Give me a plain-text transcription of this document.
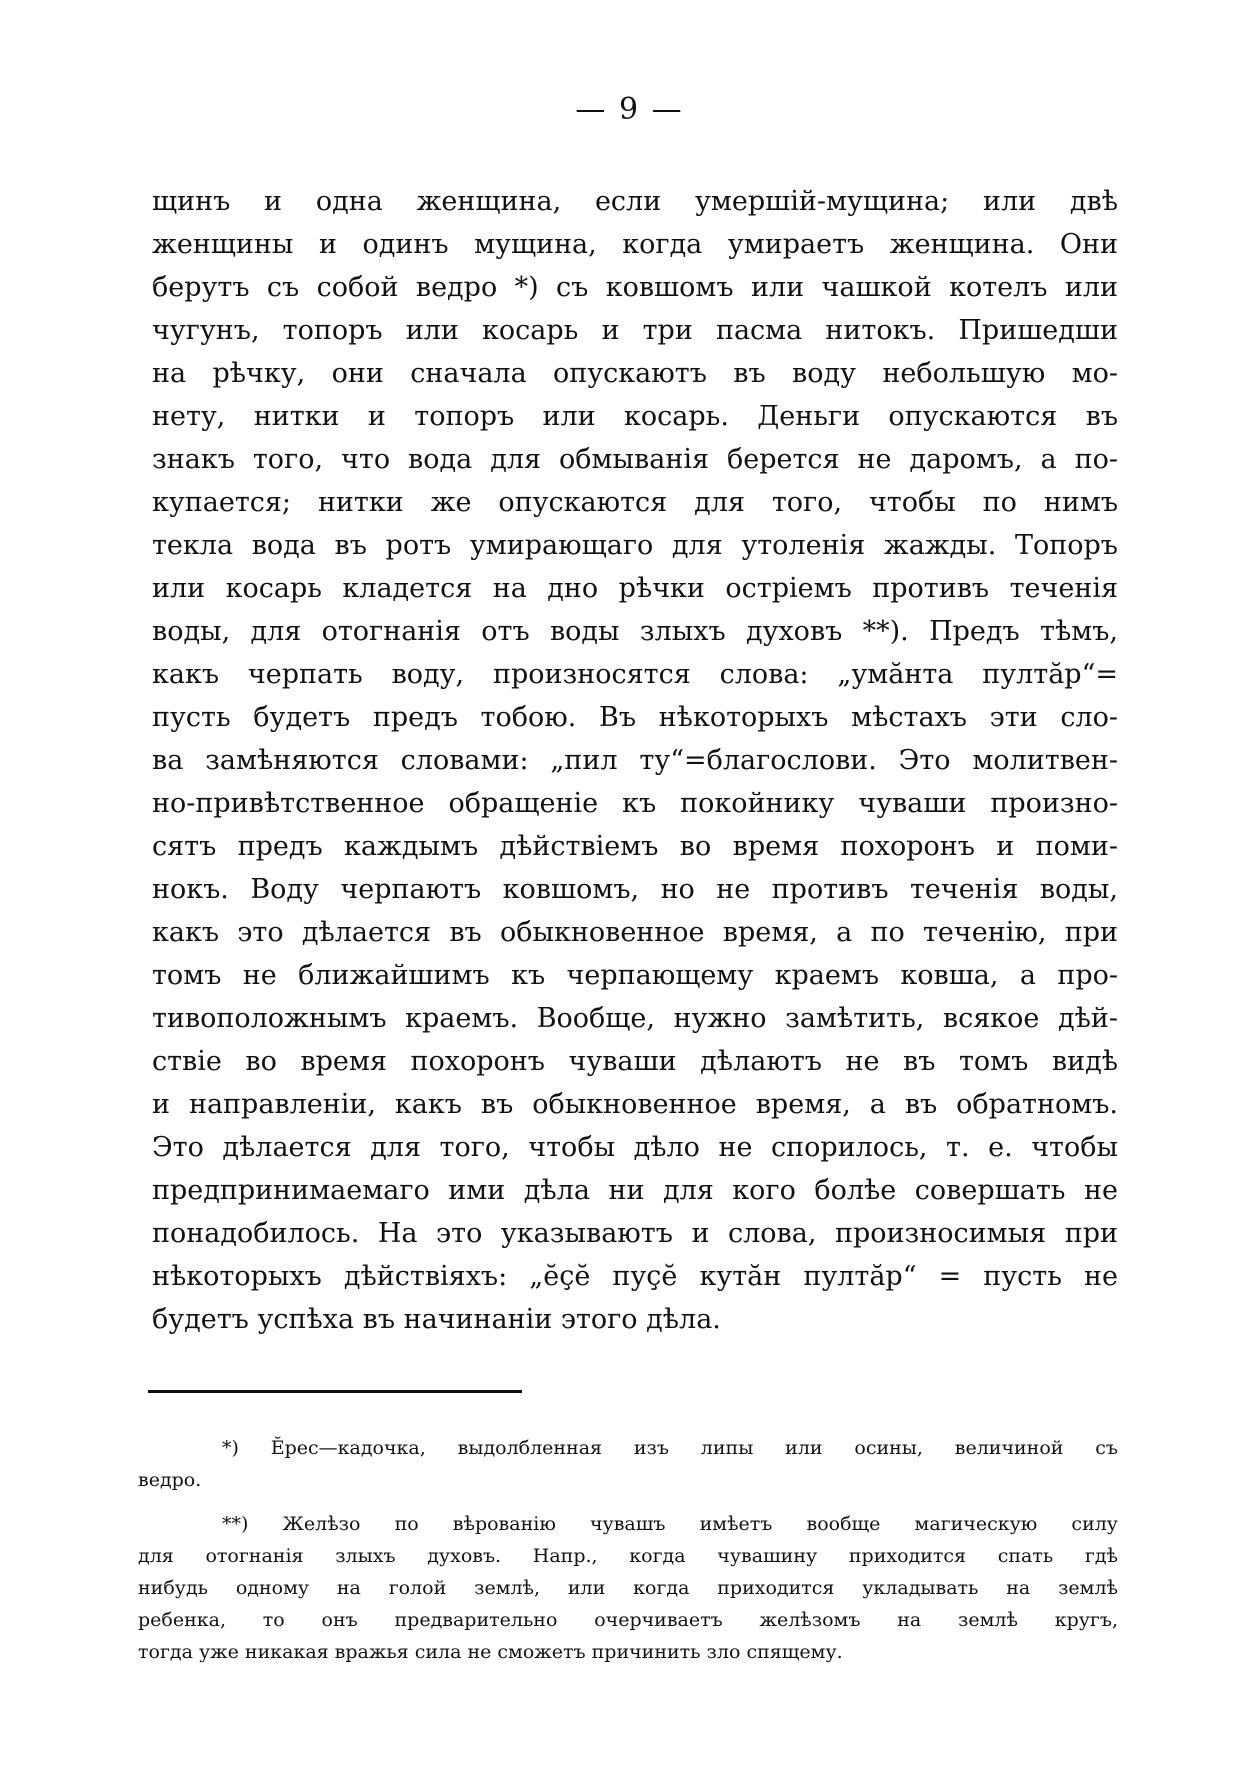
— 9 —
щинъ и одна женщина, если умершій-мущина; или двѣ
женщины и одинъ мущина, когда умираетъ женщина. Они
берутъ съ собой ведро *) съ ковшомъ или чашкой котелъ или
чугунъ, топоръ или косарь и три пасма нитокъ. Пришедши
на рѣчку, они сначала опускаютъ въ воду небольшую мо-
нету, нитки и топоръ или косарь. Деньги опускаются въ
знакъ того, что вода для обмыванія берется не даромъ, а по-
купается; нитки же опускаются для того, чтобы по нимъ
текла вода въ ротъ умирающаго для утоленія жажды. Топоръ
или косарь кладется на дно рѣчки остріемъ противъ теченія
воды, для отогнанія отъ воды злыхъ духовъ **). Предъ тѣмъ,
какъ черпать воду, произносятся слова: „умăнта пултăр“=
пусть будетъ предъ тобою. Въ нѣкоторыхъ мѣстахъ эти сло-
ва замѣняются словами: „пил ту“=благослови. Это молитвен-
но-привѣтственное обращеніе къ покойнику чуваши произно-
сятъ предъ каждымъ дѣйствіемъ во время похоронъ и поми-
нокъ. Воду черпаютъ ковшомъ, но не противъ теченія воды,
какъ это дѣлается въ обыкновенное время, а по теченію, при
томъ не ближайшимъ къ черпающему краемъ ковша, а про-
тивоположнымъ краемъ. Вообще, нужно замѣтить, всякое дѣй-
ствіе во время похоронъ чуваши дѣлаютъ не въ томъ видѣ
и направленіи, какъ въ обыкновенное время, а въ обратномъ.
Это дѣлается для того, чтобы дѣло не спорилось, т. е. чтобы
предпринимаемаго ими дѣла ни для кого болѣе совершать не
понадобилось. На это указываютъ и слова, произносимыя при
нѣкоторыхъ дѣйствіяхъ: „ĕçĕ пуçĕ кутăн пултăр“ = пусть не
будетъ успѣха въ начинаніи этого дѣла.
*) Ӗрес—кадочка, выдолбленная изъ липы или осины, величиной съ
ведро.
**) Желѣзо по вѣрованію чувашъ имѣетъ вообще магическую силу
для отогнанія злыхъ духовъ. Напр., когда чувашину приходится спать гдѣ
нибудь одному на голой землѣ, или когда приходится укладывать на землѣ
ребенка, то онъ предварительно очерчиваетъ желѣзомъ на землѣ кругъ,
тогда уже никакая вражья сила не сможетъ причинить зло спящему.
